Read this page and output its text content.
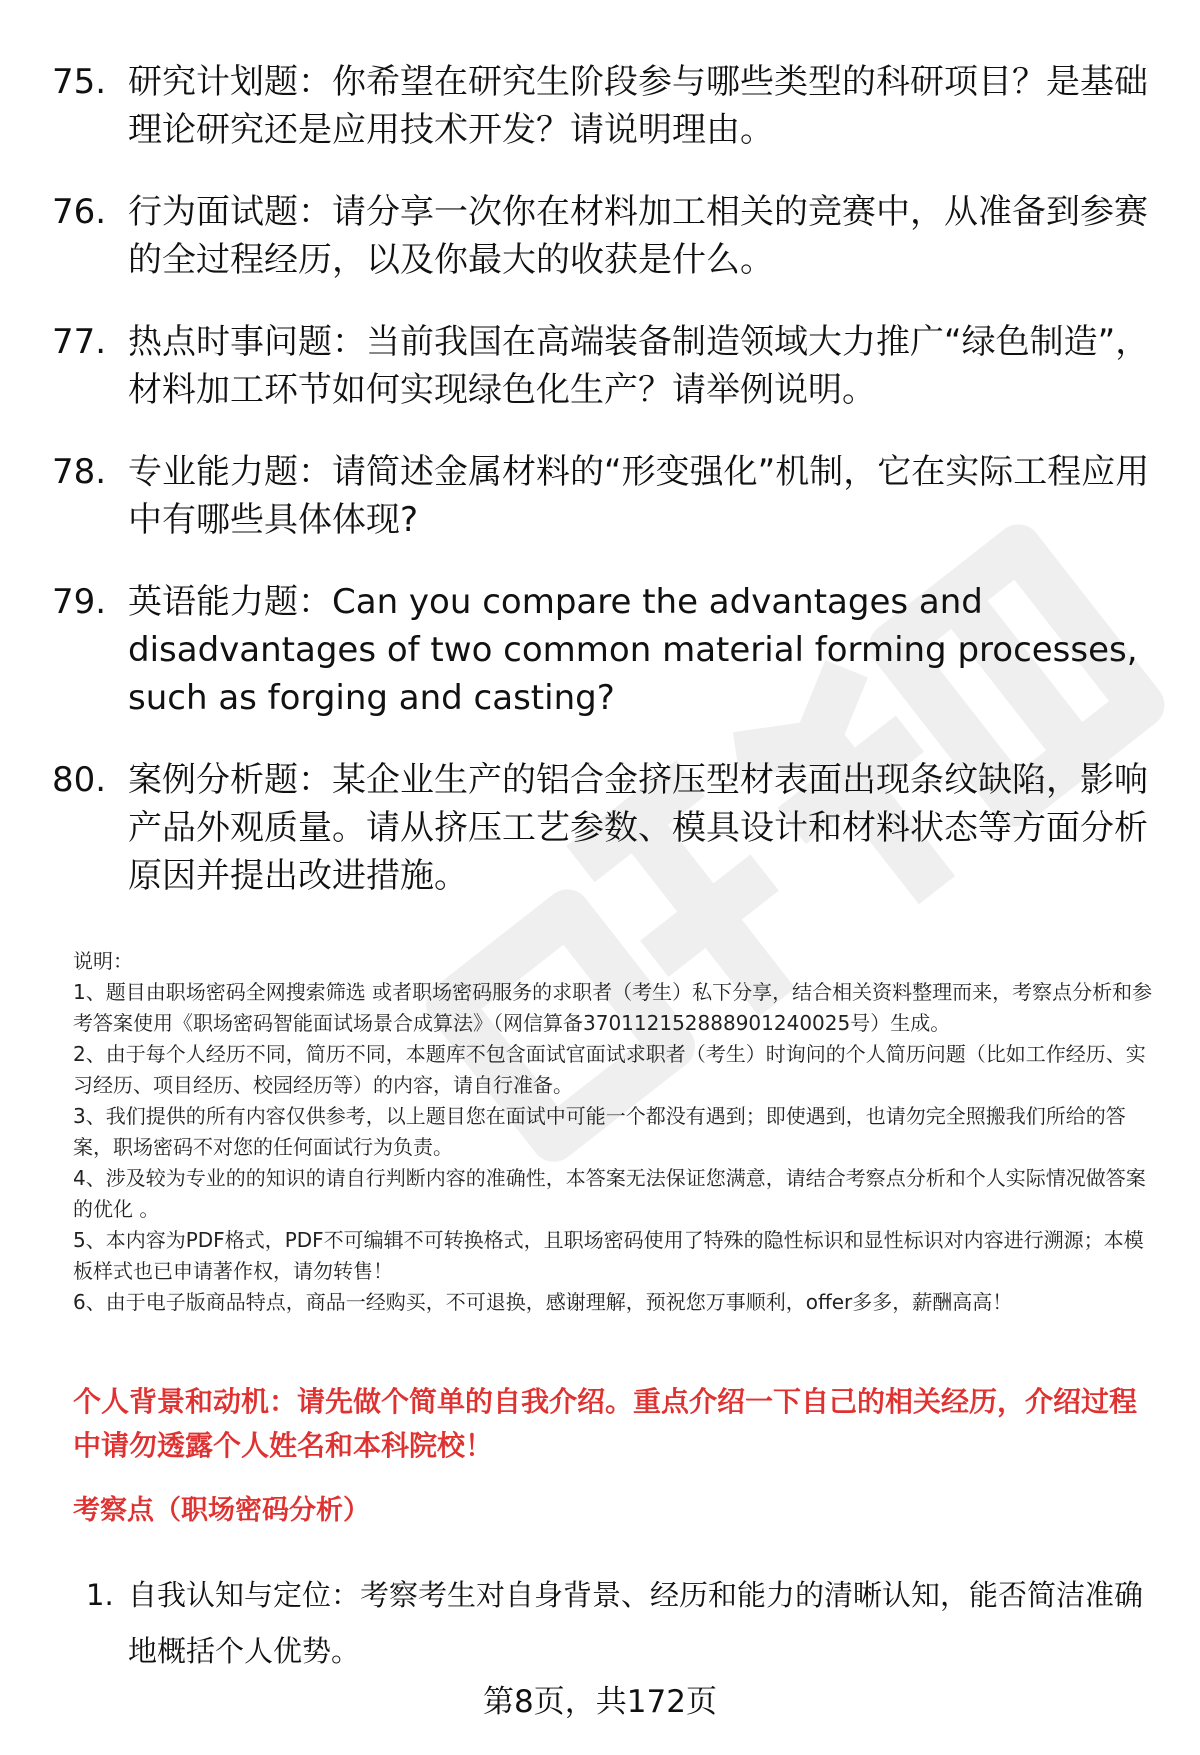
75. 研究计划题：你希望在研究生阶段参与哪些类型的科研项目？是基础理论研究还是应用技术开发？请说明理由。
76. 行为面试题：请分享一次你在材料加工相关的竞赛中，从准备到参赛的全过程经历，以及你最大的收获是什么。
77. 热点时事问题：当前我国在高端装备制造领域大力推广“绿色制造”，材料加工环节如何实现绿色化生产？请举例说明。
78. 专业能力题：请简述金属材料的“形变强化”机制，它在实际工程应用中有哪些具体体现?
79. 英语能力题：Can you compare the advantages and disadvantages of two common material forming processes, such as forging and casting?
80. 案例分析题：某企业生产的铝合金挤压型材表面出现条纹缺陷，影响产品外观质量。请从挤压工艺参数、模具设计和材料状态等方面分析原因并提出改进措施。

说明：

1、题目由职场密码全网搜索筛选 或者职场密码服务的求职者（考生）私下分享，结合相关资料整理而来，考察点分析和参考答案使用《职场密码智能面试场景合成算法》（网信算备370112152888901240025号）生成。

2、由于每个人经历不同，简历不同，本题库不包含面试官面试求职者（考生）时询问的个人简历问题（比如工作经历、实习经历、项目经历、校园经历等）的内容，请自行准备。

3、我们提供的所有内容仅供参考，以上题目您在面试中可能一个都没有遇到；即使遇到，也请勿完全照搬我们所给的答案，职场密码不对您的任何面试行为负责。

4、涉及较为专业的的知识的请自行判断内容的准确性，本答案无法保证您满意，请结合考察点分析和个人实际情况做答案的优化 。

5、本内容为PDF格式，PDF不可编辑不可转换格式，且职场密码使用了特殊的隐性标识和显性标识对内容进行溯源；本模板样式也已申请著作权，请勿转售！

6、由于电子版商品特点，商品一经购买，不可退换，感谢理解，预祝您万事顺利，offer多多，薪酬高高！

个人背景和动机：请先做个简单的自我介绍。重点介绍一下自己的相关经历，介绍过程中请勿透露个人姓名和本科院校！

考察点（职场密码分析）

1. 自我认知与定位：考察考生对自身背景、经历和能力的清晰认知，能否简洁准确地概括个人优势。
第8页，共172页
